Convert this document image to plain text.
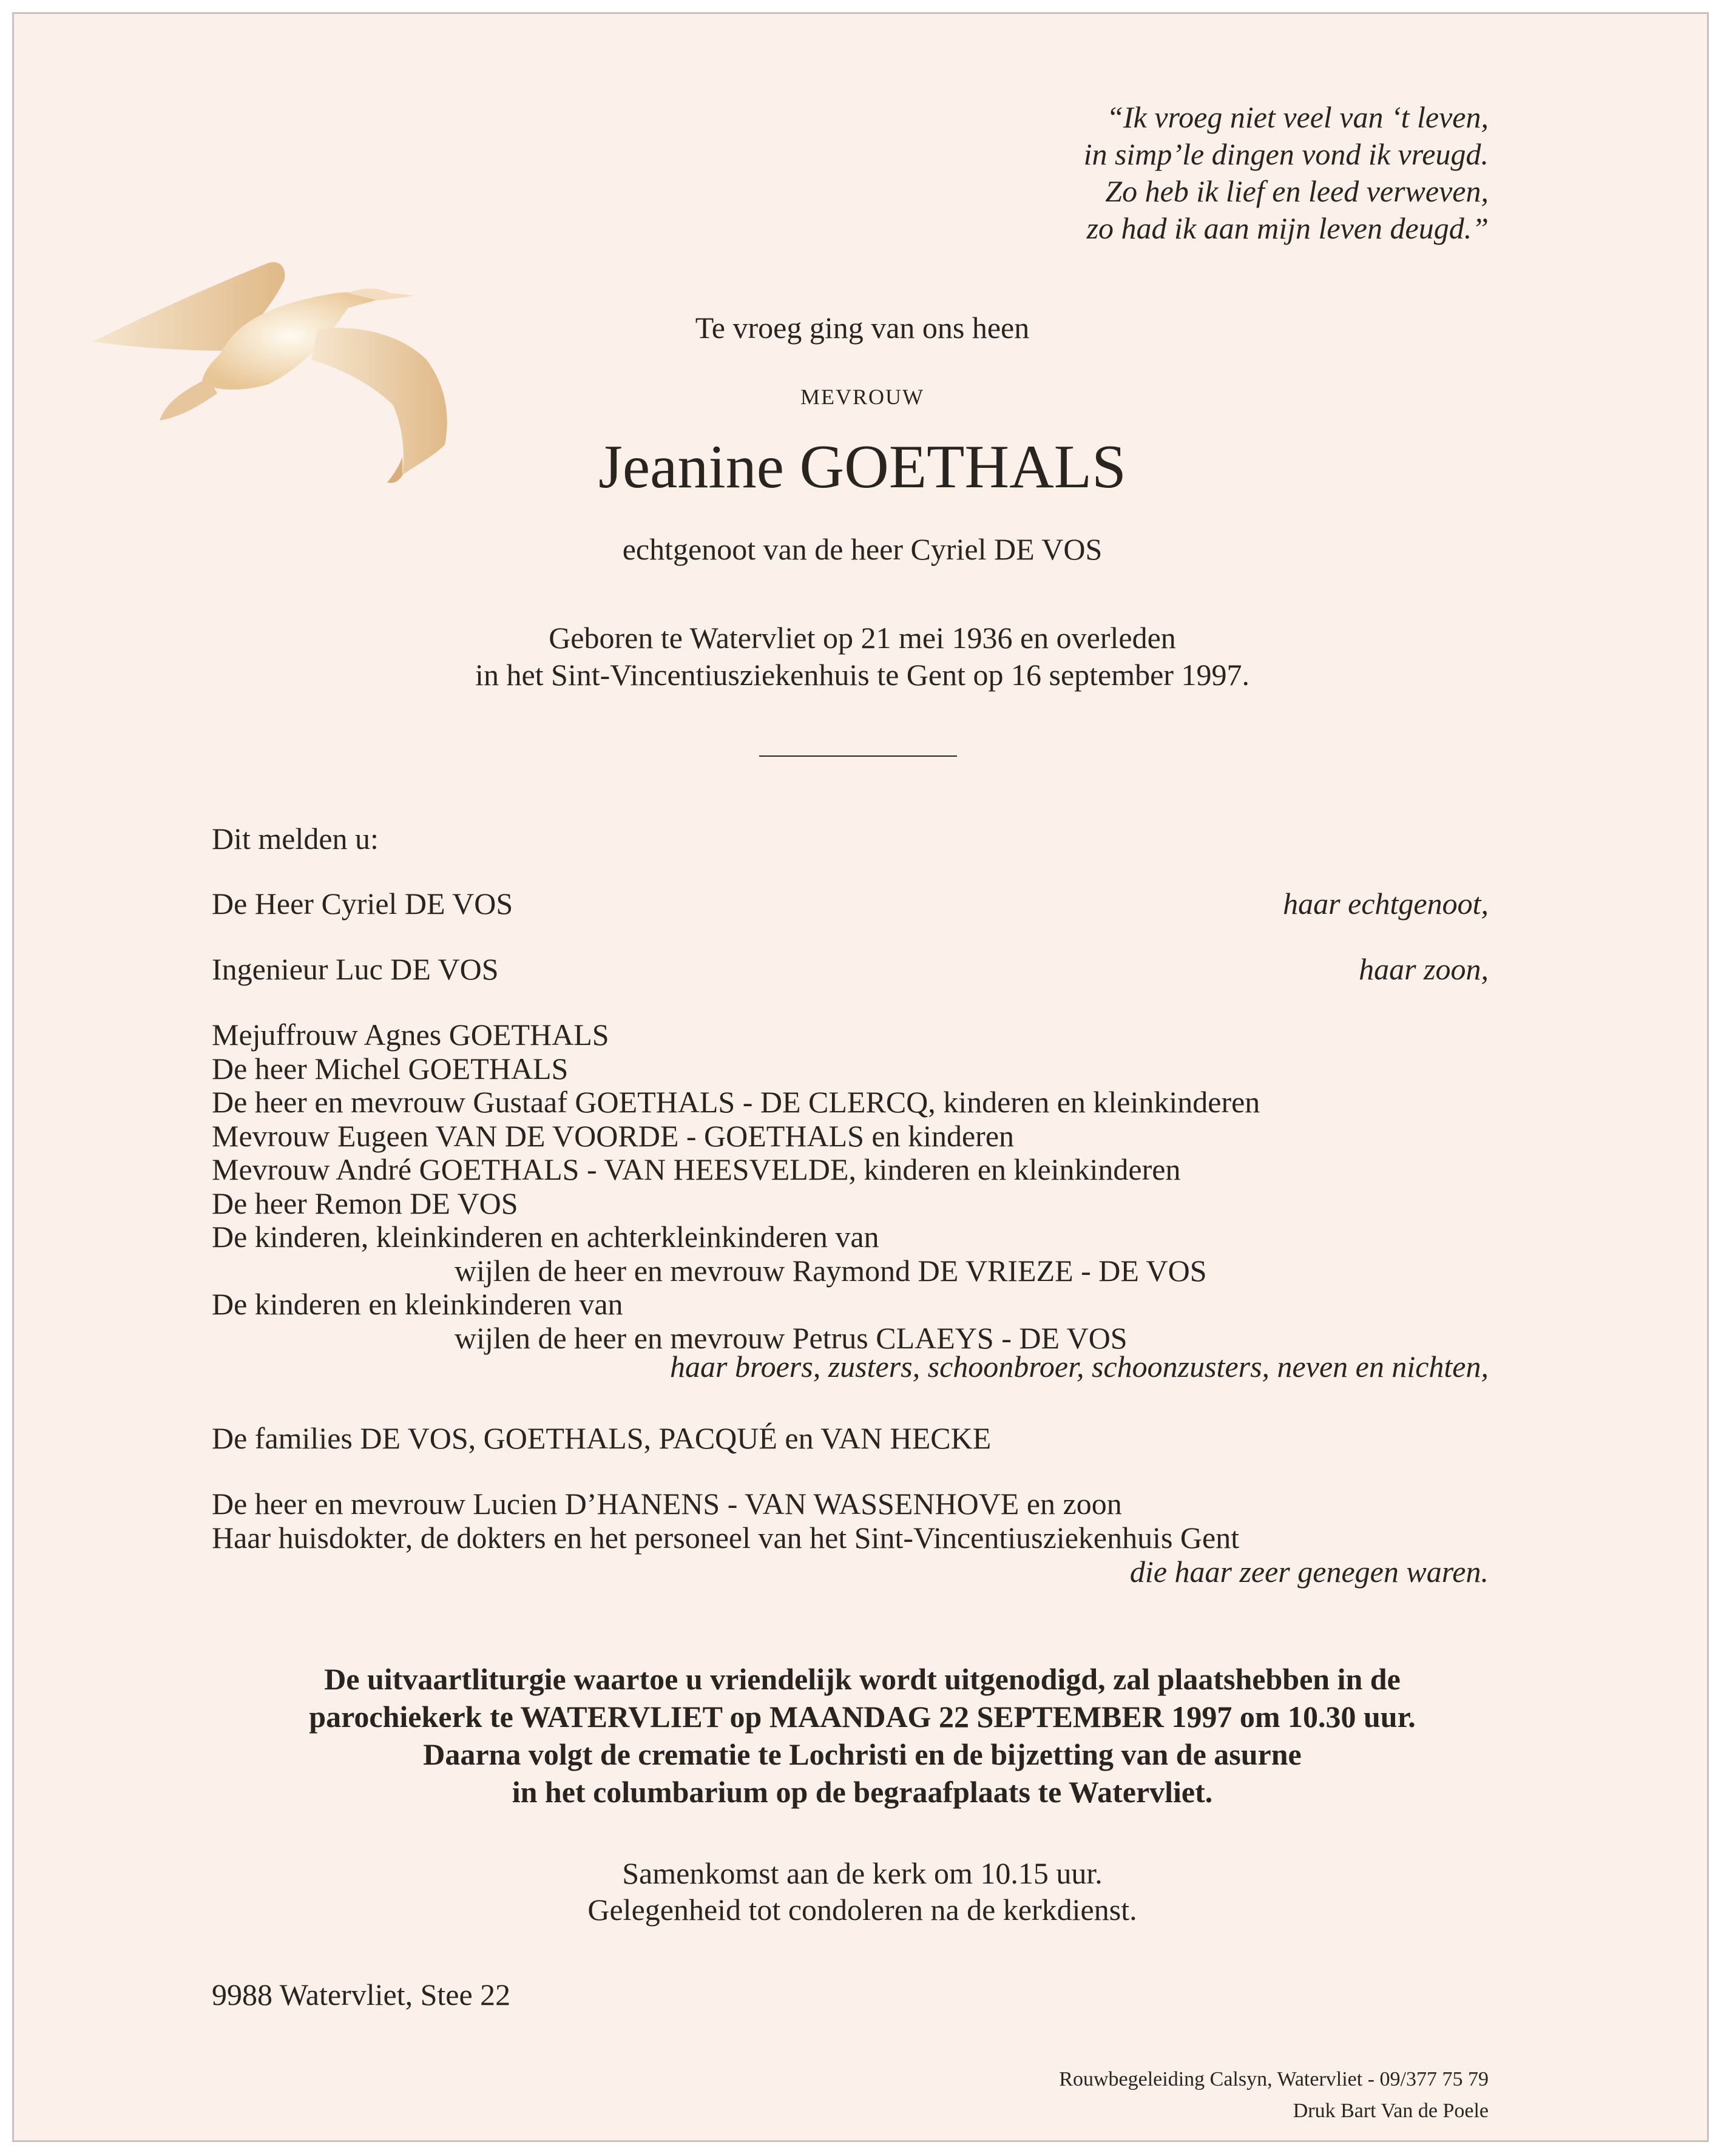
“Ik vroeg niet veel van ‘t leven,
in simp’le dingen vond ik vreugd.
Zo heb ik lief en leed verweven,
zo had ik aan mijn leven deugd.”
Te vroeg ging van ons heen
MEVROUW
Jeanine GOETHALS
echtgenoot van de heer Cyriel DE VOS
Geboren te Watervliet op 21 mei 1936 en overleden
in het Sint-Vincentiusziekenhuis te Gent op 16 september 1997.
Dit melden u:
De Heer Cyriel DE VOS	haar echtgenoot,
Ingenieur Luc DE VOS	haar zoon,
Mejuffrouw Agnes GOETHALS
De heer Michel GOETHALS
De heer en mevrouw Gustaaf GOETHALS - DE CLERCQ, kinderen en kleinkinderen
Mevrouw Eugeen VAN DE VOORDE - GOETHALS en kinderen
Mevrouw André GOETHALS - VAN HEESVELDE, kinderen en kleinkinderen
De heer Remon DE VOS
De kinderen, kleinkinderen en achterkleinkinderen van
wijlen de heer en mevrouw Raymond DE VRIEZE - DE VOS
De kinderen en kleinkinderen van
wijlen de heer en mevrouw Petrus CLAEYS - DE VOS
haar broers, zusters, schoonbroer, schoonzusters, neven en nichten,
De families DE VOS, GOETHALS, PACQUÉ en VAN HECKE
De heer en mevrouw Lucien D’HANENS - VAN WASSENHOVE en zoon
Haar huisdokter, de dokters en het personeel van het Sint-Vincentiusziekenhuis Gent
die haar zeer genegen waren.
De uitvaartliturgie waartoe u vriendelijk wordt uitgenodigd, zal plaatshebben in de
parochiekerk te WATERVLIET op MAANDAG 22 SEPTEMBER 1997 om 10.30 uur.
Daarna volgt de crematie te Lochristi en de bijzetting van de asurne
in het columbarium op de begraafplaats te Watervliet.
Samenkomst aan de kerk om 10.15 uur.
Gelegenheid tot condoleren na de kerkdienst.
9988 Watervliet, Stee 22
Rouwbegeleiding Calsyn, Watervliet - 09/377 75 79
Druk Bart Van de Poele
